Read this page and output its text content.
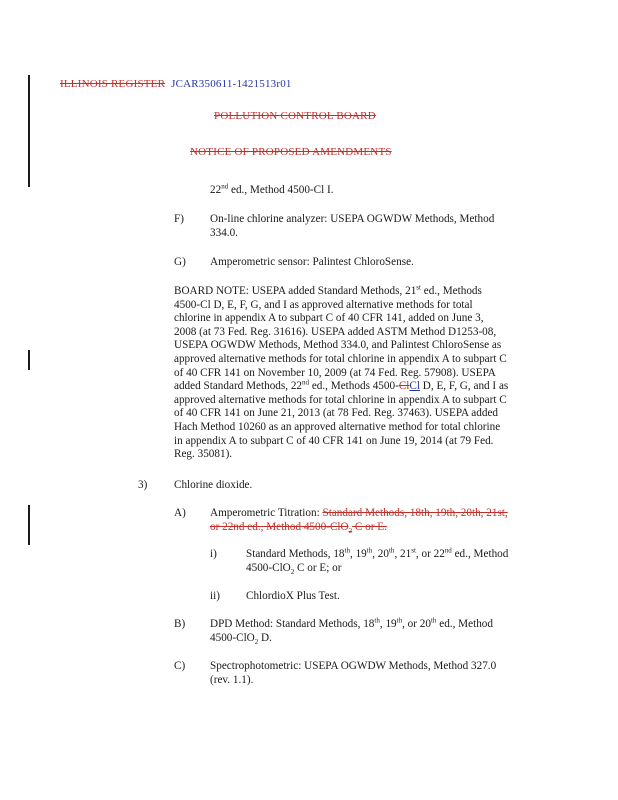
ILLINOIS REGISTER JCAR350611-1421513r01
POLLUTION CONTROL BOARD
NOTICE OF PROPOSED AMENDMENTS
22nd ed., Method 4500-Cl I.
F) On-line chlorine analyzer: USEPA OGWDW Methods, Method
334.0.
G) Amperometric sensor: Palintest ChloroSense.

BOARD NOTE: USEPA added Standard Methods, 21st ed., Methods

4500-Cl D, E, F, G, and I as approved alternative methods for total

chlorine in appendix A to subpart C of 40 CFR 141, added on June 3,

2008 (at 73 Fed. Reg. 31616). USEPA added ASTM Method D1253-08,

USEPA OGWDW Methods, Method 334.0, and Palintest ChloroSense as

approved alternative methods for total chlorine in appendix A to subpart C

of 40 CFR 141 on November 10, 2009 (at 74 Fed. Reg. 57908). USEPA

added Standard Methods, 22nd ed., Methods 4500-ClCl D, E, F, G, and I as

approved alternative methods for total chlorine in appendix A to subpart C

of 40 CFR 141 on June 21, 2013 (at 78 Fed. Reg. 37463). USEPA added

Hach Method 10260 as an approved alternative method for total chlorine

in appendix A to subpart C of 40 CFR 141 on June 19, 2014 (at 79 Fed.

Reg. 35081).

3) Chlorine dioxide.
A) Amperometric Titration: Standard Methods, 18th, 19th, 20th, 21st,
or 22nd ed., Method 4500-ClO$_2$ C or E.
i)	Standard Methods, 18th, 19th, 20th, 21st, or 22nd ed., Method
4500-ClO$_2$ C or E; or
ii) ChlordioX Plus Test.
B) DPD Method: Standard Methods, 18th, 19th, or 20th ed., Method
4500-ClO$_2$ D.
C) Spectrophotometric: USEPA OGWDW Methods, Method 327.0
(rev. 1.1).
